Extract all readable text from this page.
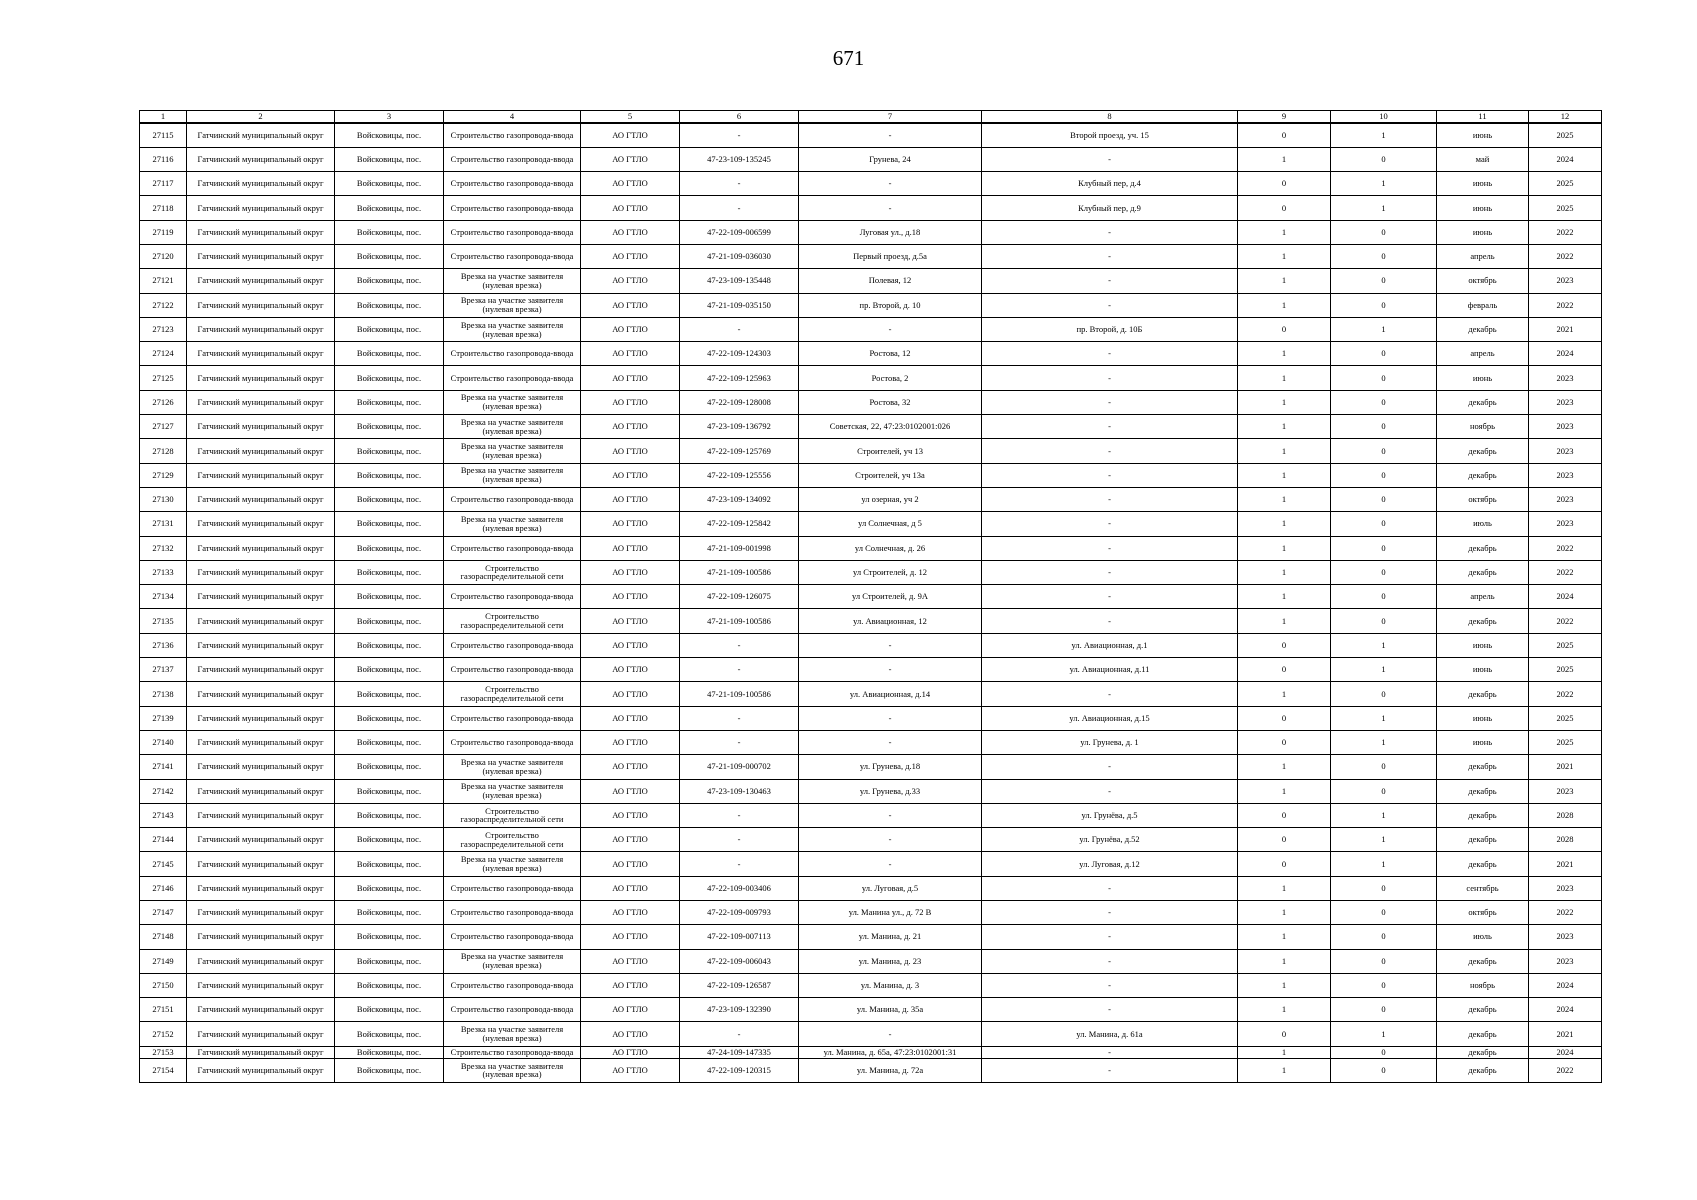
671
1	2	3	4	5	6	7	8	9	10	11	12
27115	Гатчинский муниципальный округ	Войсковицы, пос.	Строительство газопровода-ввода	АО ГТЛО	-	-	Второй проезд, уч. 15	0	1	июнь	2025
27116	Гатчинский муниципальный округ	Войсковицы, пос.	Строительство газопровода-ввода	АО ГТЛО	47-23-109-135245	Грунева, 24	-	1	0	май	2024
27117	Гатчинский муниципальный округ	Войсковицы, пос.	Строительство газопровода-ввода	АО ГТЛО	-	-	Клубный пер, д.4	0	1	июнь	2025
27118	Гатчинский муниципальный округ	Войсковицы, пос.	Строительство газопровода-ввода	АО ГТЛО	-	-	Клубный пер, д.9	0	1	июнь	2025
27119	Гатчинский муниципальный округ	Войсковицы, пос.	Строительство газопровода-ввода	АО ГТЛО	47-22-109-006599	Луговая ул., д.18	-	1	0	июнь	2022
27120	Гатчинский муниципальный округ	Войсковицы, пос.	Строительство газопровода-ввода	АО ГТЛО	47-21-109-036030	Первый проезд, д.5а	-	1	0	апрель	2022
27121	Гатчинский муниципальный округ	Войсковицы, пос.	Врезка на участке заявителя (нулевая врезка)	АО ГТЛО	47-23-109-135448	Полевая, 12	-	1	0	октябрь	2023
27122	Гатчинский муниципальный округ	Войсковицы, пос.	Врезка на участке заявителя (нулевая врезка)	АО ГТЛО	47-21-109-035150	пр. Второй, д. 10	-	1	0	февраль	2022
27123	Гатчинский муниципальный округ	Войсковицы, пос.	Врезка на участке заявителя (нулевая врезка)	АО ГТЛО	-	-	пр. Второй, д. 10Б	0	1	декабрь	2021
27124	Гатчинский муниципальный округ	Войсковицы, пос.	Строительство газопровода-ввода	АО ГТЛО	47-22-109-124303	Ростова, 12	-	1	0	апрель	2024
27125	Гатчинский муниципальный округ	Войсковицы, пос.	Строительство газопровода-ввода	АО ГТЛО	47-22-109-125963	Ростова, 2	-	1	0	июнь	2023
27126	Гатчинский муниципальный округ	Войсковицы, пос.	Врезка на участке заявителя (нулевая врезка)	АО ГТЛО	47-22-109-128008	Ростова, 32	-	1	0	декабрь	2023
27127	Гатчинский муниципальный округ	Войсковицы, пос.	Врезка на участке заявителя (нулевая врезка)	АО ГТЛО	47-23-109-136792	Советская, 22, 47:23:0102001:026	-	1	0	ноябрь	2023
27128	Гатчинский муниципальный округ	Войсковицы, пос.	Врезка на участке заявителя (нулевая врезка)	АО ГТЛО	47-22-109-125769	Строителей, уч 13	-	1	0	декабрь	2023
27129	Гатчинский муниципальный округ	Войсковицы, пос.	Врезка на участке заявителя (нулевая врезка)	АО ГТЛО	47-22-109-125556	Строителей, уч 13а	-	1	0	декабрь	2023
27130	Гатчинский муниципальный округ	Войсковицы, пос.	Строительство газопровода-ввода	АО ГТЛО	47-23-109-134092	ул озерная, уч 2	-	1	0	октябрь	2023
27131	Гатчинский муниципальный округ	Войсковицы, пос.	Врезка на участке заявителя (нулевая врезка)	АО ГТЛО	47-22-109-125842	ул Солнечная, д 5	-	1	0	июль	2023
27132	Гатчинский муниципальный округ	Войсковицы, пос.	Строительство газопровода-ввода	АО ГТЛО	47-21-109-001998	ул Солнечная, д. 26	-	1	0	декабрь	2022
27133	Гатчинский муниципальный округ	Войсковицы, пос.	Строительство газораспределительной сети	АО ГТЛО	47-21-109-100586	ул Строителей, д. 12	-	1	0	декабрь	2022
27134	Гатчинский муниципальный округ	Войсковицы, пос.	Строительство газопровода-ввода	АО ГТЛО	47-22-109-126075	ул Строителей, д. 9А	-	1	0	апрель	2024
27135	Гатчинский муниципальный округ	Войсковицы, пос.	Строительство газораспределительной сети	АО ГТЛО	47-21-109-100586	ул. Авиационная, 12	-	1	0	декабрь	2022
27136	Гатчинский муниципальный округ	Войсковицы, пос.	Строительство газопровода-ввода	АО ГТЛО	-	-	ул. Авиационная, д.1	0	1	июнь	2025
27137	Гатчинский муниципальный округ	Войсковицы, пос.	Строительство газопровода-ввода	АО ГТЛО	-	-	ул. Авиационная, д.11	0	1	июнь	2025
27138	Гатчинский муниципальный округ	Войсковицы, пос.	Строительство газораспределительной сети	АО ГТЛО	47-21-109-100586	ул. Авиационная, д.14	-	1	0	декабрь	2022
27139	Гатчинский муниципальный округ	Войсковицы, пос.	Строительство газопровода-ввода	АО ГТЛО	-	-	ул. Авиационная, д.15	0	1	июнь	2025
27140	Гатчинский муниципальный округ	Войсковицы, пос.	Строительство газопровода-ввода	АО ГТЛО	-	-	ул. Грунева, д. 1	0	1	июнь	2025
27141	Гатчинский муниципальный округ	Войсковицы, пос.	Врезка на участке заявителя (нулевая врезка)	АО ГТЛО	47-21-109-000702	ул. Грунева, д.18	-	1	0	декабрь	2021
27142	Гатчинский муниципальный округ	Войсковицы, пос.	Врезка на участке заявителя (нулевая врезка)	АО ГТЛО	47-23-109-130463	ул. Грунева, д.33	-	1	0	декабрь	2023
27143	Гатчинский муниципальный округ	Войсковицы, пос.	Строительство газораспределительной сети	АО ГТЛО	-	-	ул. Грунёва, д.5	0	1	декабрь	2028
27144	Гатчинский муниципальный округ	Войсковицы, пос.	Строительство газораспределительной сети	АО ГТЛО	-	-	ул. Грунёва, д.52	0	1	декабрь	2028
27145	Гатчинский муниципальный округ	Войсковицы, пос.	Врезка на участке заявителя (нулевая врезка)	АО ГТЛО	-	-	ул. Луговая, д.12	0	1	декабрь	2021
27146	Гатчинский муниципальный округ	Войсковицы, пос.	Строительство газопровода-ввода	АО ГТЛО	47-22-109-003406	ул. Луговая, д.5	-	1	0	сентябрь	2023
27147	Гатчинский муниципальный округ	Войсковицы, пос.	Строительство газопровода-ввода	АО ГТЛО	47-22-109-009793	ул. Манина ул., д. 72 В	-	1	0	октябрь	2022
27148	Гатчинский муниципальный округ	Войсковицы, пос.	Строительство газопровода-ввода	АО ГТЛО	47-22-109-007113	ул. Манина, д. 21	-	1	0	июль	2023
27149	Гатчинский муниципальный округ	Войсковицы, пос.	Врезка на участке заявителя (нулевая врезка)	АО ГТЛО	47-22-109-006043	ул. Манина, д. 23	-	1	0	декабрь	2023
27150	Гатчинский муниципальный округ	Войсковицы, пос.	Строительство газопровода-ввода	АО ГТЛО	47-22-109-126587	ул. Манина, д. 3	-	1	0	ноябрь	2024
27151	Гатчинский муниципальный округ	Войсковицы, пос.	Строительство газопровода-ввода	АО ГТЛО	47-23-109-132390	ул. Манина, д. 35а	-	1	0	декабрь	2024
27152	Гатчинский муниципальный округ	Войсковицы, пос.	Врезка на участке заявителя (нулевая врезка)	АО ГТЛО	-	-	ул. Манина, д. 61а	0	1	декабрь	2021
27153	Гатчинский муниципальный округ	Войсковицы, пос.	Строительство газопровода-ввода	АО ГТЛО	47-24-109-147335	ул. Манина, д. 65а, 47:23:0102001:31	-	1	0	декабрь	2024
27154	Гатчинский муниципальный округ	Войсковицы, пос.	Врезка на участке заявителя (нулевая врезка)	АО ГТЛО	47-22-109-120315	ул. Манина, д. 72а	-	1	0	декабрь	2022
